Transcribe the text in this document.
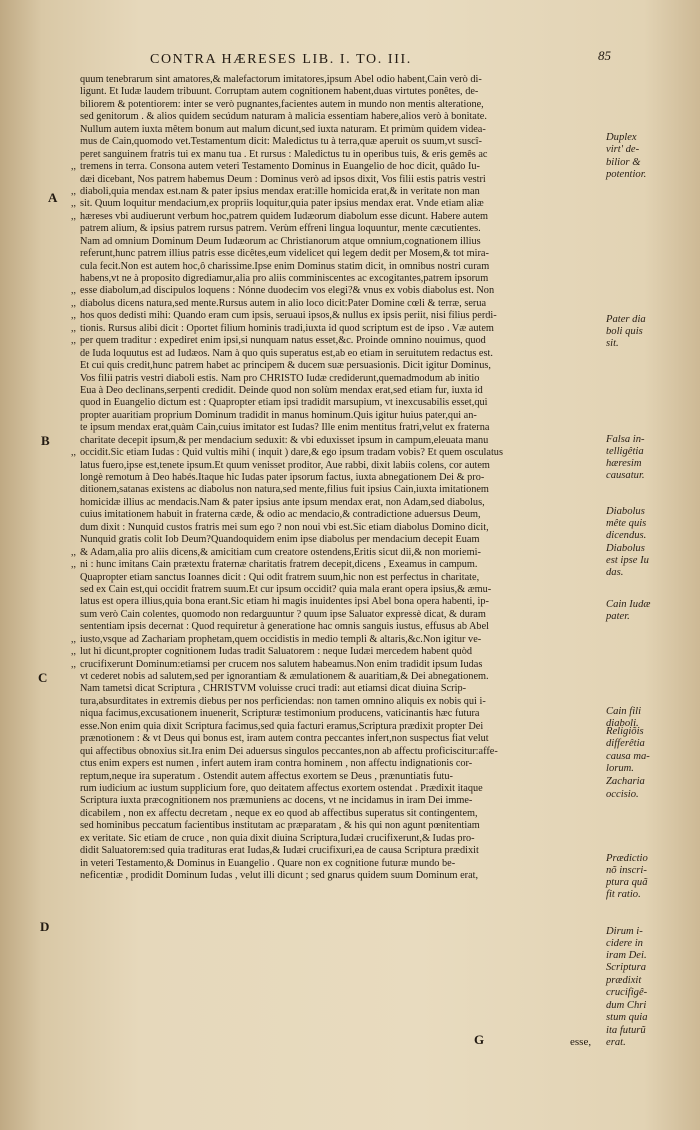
CONTRA HÆRESES LIB. I. TO. III.	85
quum tenebrarum sint amatores,& malefactorum imitatores,ipsum Abel odio habent,Cain verò di-
ligunt. Et Iudæ laudem tribuunt. Corruptam autem cognitionem habent,duas virtutes ponêtes, de-
biliorem & potentiorem: inter se verò pugnantes,facientes autem in mundo non mentis alteratione,
sed genitorum . & alios quidem secúdum naturam à malicia essentiam habere,alios verò à bonitate.
Nullum autem iuxta mêtem bonum aut malum dicunt,sed iuxta naturam. Et primùm quidem videa-
mus de Cain,quomodo vet.Testamentum dicit: Maledictus tu à terra,quæ aperuit os suum,vt suscî-
peret sanguinem fratris tui ex manu tua . Et rursus : Maledictus tu in operibus tuis, & eris gemês ac
,, tremens in terra. Consona autem veteri Testamento Dominus in Euangelio de hoc dicit, quâdo Iu-
dæi dicebant, Nos patrem habemus Deum : Dominus verò ad ipsos dixit, Vos filii estis patris vestri
,, diaboli,quia mendax est.nam & pater ipsius mendax erat:ille homicida erat,& in veritate non man
,, sit. Quum loquitur mendacium,ex propriis loquitur,quia pater ipsius mendax erat. Vnde etiam aliæ
,, hæreses vbi audiuerunt verbum hoc,patrem quidem Iudæorum diabolum esse dicunt. Habere autem
patrem alium, & ipsius patrem rursus patrem. Verùm effreni lingua loquuntur, mente cæcutientes.
Nam ad omnium Dominum Deum Iudæorum ac Christianorum atque omnium,cognationem illius
referunt,hunc patrem illius patris esse dicêtes,eum videlicet qui legem dedit per Mosem,& tot mira-
cula fecit.Non est autem hoc,ô charissime.Ipse enim Dominus statim dicit, in omnibus nostri curam
habens,vt ne à proposito digrediamur,alia pro aliis comminiscentes ac excogitantes,patrem ipsorum
,, esse diabolum,ad discipulos loquens : Nónne duodecim vos elegi?& vnus ex vobis diabolus est. Non
,, diabolus dicens natura,sed mente.Rursus autem in alio loco dicit:Pater Domine cœli & terræ, serua
,, hos quos dedisti mihi: Quando eram cum ipsis, seruaui ipsos,& nullus ex ipsis periit, nisi filius perdi-
,, tionis. Rursus alibi dicit : Oportet filium hominis tradi,iuxta id quod scriptum est de ipso . Væ autem
,, per quem traditur : expediret enim ipsi,si nunquam natus esset,&c. Proinde omnino nouimus, quod
de Iuda loquutus est ad Iudæos. Nam à quo quis superatus est,ab eo etiam in seruitutem redactus est.
Et cui quis credit,hunc patrem habet ac principem & ducem suæ persuasionis. Dicit igitur Dominus,
Vos filii patris vestri diaboli estis. Nam pro CHRISTO Iudæ crediderunt,quemadmodum ab initio
Eua à Deo declinans,serpenti credidit. Deinde quod non solùm mendax erat,sed etiam fur, iuxta id
quod in Euangelio dictum est : Quapropter etiam ipsi tradidit marsupium, vt inexcusabilis esset,qui
propter auaritiam proprium Dominum tradidit in manus hominum.Quis igitur huius pater,qui an-
te ipsum mendax erat,quàm Cain,cuius imitator est Iudas? Ille enim mentitus fratri,velut ex fraterna
charitate decepit ipsum,& per mendacium seduxit: & vbi eduxisset ipsum in campum,eleuata manu
,, occidit.Sic etiam Iudas : Quid vultis mihi ( inquit ) dare,& ego ipsum tradam vobis? Et quem osculatus
latus fuero,ipse est,tenete ipsum.Et quum venisset proditor, Aue rabbi, dixit labiis colens, cor autem
longè remotum à Deo habés.Itaque hic Iudas pater ipsorum factus, iuxta abnegationem Dei & pro-
ditionem,satanas existens ac diabolus non natura,sed mente,filius fuit ipsius Cain,iuxta imitationem
homicidæ illius ac mendacis.Nam & pater ipsius ante ipsum mendax erat, non Adam,sed diabolus,
cuius imitationem habuit in fraterna cæde, & odio ac mendacio,& contradictione aduersus Deum,
dum dixit : Nunquid custos fratris mei sum ego ? non noui vbi est.Sic etiam diabolus Domino dicit,
Nunquid gratis colit Iob Deum?Quandoquidem enim ipse diabolus per mendacium decepit Euam
,, & Adam,alia pro aliis dicens,& amicitiam cum creatore ostendens,Eritis sicut dii,& non moriemi-
,, ni : hunc imitans Cain prætextu fraternæ charitatis fratrem decepit,dicens , Exeamus in campum.
Quapropter etiam sanctus Ioannes dicit : Qui odit fratrem suum,hic non est perfectus in charitate,
sed ex Cain est,qui occidit fratrem suum.Et cur ipsum occidit? quia mala erant opera ipsius,& æmu-
latus est opera illius,quia bona erant.Sic etiam hi magis inuidentes ipsi Abel bona opera habenti, ip-
sum verò Cain colentes, quomodo non redarguuntur ? quum ipse Saluator expressè dicat, & duram
sententiam ipsis decernat : Quod requiretur à generatione hac omnis sanguis iustus, effusus ab Abel
,, iusto,vsque ad Zachariam prophetam,quem occidistis in medio templi & altaris,&c.Non igitur ve-
,, lut hi dicunt,propter cognitionem Iudas tradit Saluatorem : neque Iudæi mercedem habent quòd
,, crucifixerunt Dominum:etiamsi per crucem nos salutem habeamus.Non enim tradidit ipsum Iudas
vt cederet nobis ad salutem,sed per ignorantiam & æmulationem & auaritiam,& Dei abnegationem.
Nam tametsi dicat Scriptura , CHRISTVM voluisse cruci tradi: aut etiamsi dicat diuina Scrip-
tura,absurditates in extremis diebus per nos perficiendas: non tamen omnino aliquis ex nobis qui i-
niqua facimus,excusationem inuenerit, Scripturæ testimonium producens, vaticinantis hæc futura
esse.Non enim quia dixit Scriptura facimus,sed quia facturi eramus,Scriptura prædixit propter Dei
prænotionem : & vt Deus qui bonus est, iram autem contra peccantes infert,non suspectus fiat velut
qui affectibus obnoxius sit.Ira enim Dei aduersus singulos peccantes,non ab affectu proficiscitur:affe-
ctus enim expers est numen , infert autem iram contra hominem , non affectu indignationis cor-
reptum,neque ira superatum . Ostendit autem affectus exortem se Deus , prænuntiatis futu-
rum iudicium ac iustum supplicium fore, quo deitatem affectus exortem ostendat . Prædixit itaque
Scriptura iuxta præcognitionem nos præmuniens ac docens, vt ne incidamus in iram Dei imme-
dicabilem , non ex affectu decretam , neque ex eo quod ab affectibus superatus sit contingentem,
sed hominibus peccatum facientibus institutam ac præparatam , & his qui non agunt pœnitentiam
ex veritate. Sic etiam de cruce , non quia dixit diuina Scriptura,Iudæi crucifixerunt,& Iudas pro-
didit Saluatorem:sed quia tradituras erat Iudas,& Iudæi crucifixuri,ea de causa Scriptura prædixit
in veteri Testamento,& Dominus in Euangelio . Quare non ex cognitione futuræ mundo be-
neficentiæ , prodidit Dominum Iudas , velut illi dicunt ; sed gnarus quidem suum Dominum erat,
A
B
C
D
Duplex
virt' de-
bilior &
potentior.
Pater dia
boli quis
sit.
Falsa in-
telligêtia
hæresim
causatur.
Diabolus
mête quis
dicendus.
Diabolus
est ipse Iu
das.
Cain Iudæ
pater.
Cain fili
diaboli.
Religiõis
differêtia
causa ma-
lorum.
Zacharia
occisio.
Prædictio
nõ inscri-
ptura quã
fit ratio.
Dirum i-
cidere in
iram Dei.
Scriptura
prædixit
crucifigê-
dum Chri
stum quia
ita futurũ
erat.
G	esse,
